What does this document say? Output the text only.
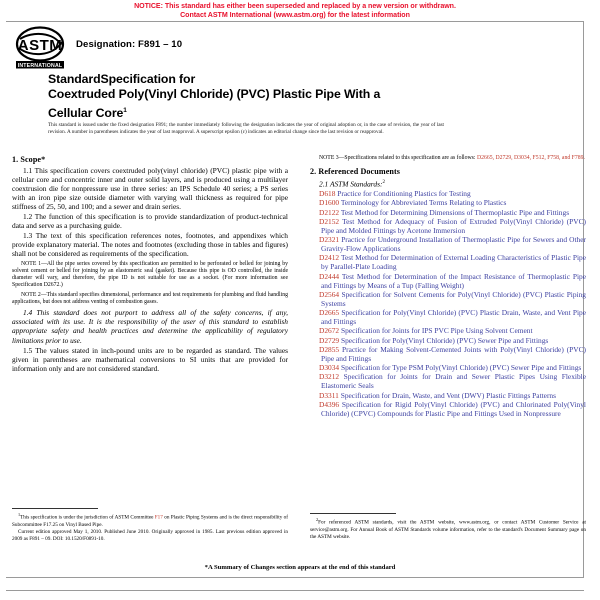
NOTICE: This standard has either been superseded and replaced by a new version or withdrawn.
Contact ASTM International (www.astm.org) for the latest information
ASTM
INTERNATIONAL
Designation: F891 – 10
StandardSpecification for
Coextruded Poly(Vinyl Chloride) (PVC) Plastic Pipe With a
Cellular Core$^1$
This standard is issued under the fixed designation F891; the number immediately following the designation indicates the year of original adoption or, in the case of revision, the year of last revision. A number in parentheses indicates the year of last reapproval. A superscript epsilon (ε) indicates an editorial change since the last revision or reapproval.
1. Scope*

1.1 This specification covers coextruded poly(vinyl chloride) (PVC) plastic pipe with a cellular core and concentric inner and outer solid layers, and is produced using a multilayer coextrusion die for nonpressure use in three series: an IPS Schedule 40 series; a PS series with an iron pipe size outside diameter with varying wall thickness as required for pipe stiffness of 25, 50, and 100; and a sewer and drain series.

1.2 The function of this specification is to provide standardization of product-technical data and serve as a purchasing guide.

1.3 The text of this specification references notes, footnotes, and appendixes which provide explanatory material. The notes and footnotes (excluding those in tables and figures) shall not be considered as requirements of the specification.

NOTE 1—All the pipe series covered by this specification are permitted to be perforated or belled for joining by solvent cement or belled for joining by an elastomeric seal (gasket). Because this pipe is OD controlled, the inside diameter will vary, and therefore, the pipe ID is not suitable for use as a socket. (For more information see Specification D2672.)

NOTE 2—This standard specifies dimensional, performance and test requirements for plumbing and fluid handling applications, but does not address venting of combustion gases.

1.4 This standard does not purport to address all of the safety concerns, if any, associated with its use. It is the responsibility of the user of this standard to establish appropriate safety and health practices and determine the applicability of regulatory limitations prior to use.

1.5 The values stated in inch-pound units are to be regarded as standard. The values given in parentheses are mathematical conversions to SI units that are provided for information only and are not considered standard.

NOTE 3—Specifications related to this specification are as follows: D2665, D2729, D3034, F512, F758, and F789.

2. Referenced Documents
2.1 ASTM Standards:$^2$
D618 Practice for Conditioning Plastics for Testing
D1600 Terminology for Abbreviated Terms Relating to Plastics
D2122 Test Method for Determining Dimensions of Thermoplastic Pipe and Fittings
D2152 Test Method for Adequacy of Fusion of Extruded Poly(Vinyl Chloride) (PVC) Pipe and Molded Fittings by Acetone Immersion
D2321 Practice for Underground Installation of Thermoplastic Pipe for Sewers and Other Gravity-Flow Applications
D2412 Test Method for Determination of External Loading Characteristics of Plastic Pipe by Parallel-Plate Loading
D2444 Test Method for Determination of the Impact Resistance of Thermoplastic Pipe and Fittings by Means of a Tup (Falling Weight)
D2564 Specification for Solvent Cements for Poly(Vinyl Chloride) (PVC) Plastic Piping Systems
D2665 Specification for Poly(Vinyl Chloride) (PVC) Plastic Drain, Waste, and Vent Pipe and Fittings
D2672 Specification for Joints for IPS PVC Pipe Using Solvent Cement
D2729 Specification for Poly(Vinyl Chloride) (PVC) Sewer Pipe and Fittings
D2855 Practice for Making Solvent-Cemented Joints with Poly(Vinyl Chloride) (PVC) Pipe and Fittings
D3034 Specification for Type PSM Poly(Vinyl Chloride) (PVC) Sewer Pipe and Fittings
D3212 Specification for Joints for Drain and Sewer Plastic Pipes Using Flexible Elastomeric Seals
D3311 Specification for Drain, Waste, and Vent (DWV) Plastic Fittings Patterns
D4396 Specification for Rigid Poly(Vinyl Chloride) (PVC) and Chlorinated Poly(Vinyl Chloride) (CPVC) Compounds for Plastic Pipe and Fittings Used in Nonpressure

$^1$This specification is under the jurisdiction of ASTM Committee F17 on Plastic Piping Systems and is the direct responsibility of Subcommittee F17.25 on Vinyl Based Pipe.

Current edition approved May 1, 2010. Published June 2010. Originally approved in 1985. Last previous edition approved in 2009 as F891 – 09. DOI: 10.1520/F0891-10.

$^2$For referenced ASTM standards, visit the ASTM website, www.astm.org, or contact ASTM Customer Service at service@astm.org. For Annual Book of ASTM Standards volume information, refer to the standard's Document Summary page on the ASTM website.

*A Summary of Changes section appears at the end of this standard
